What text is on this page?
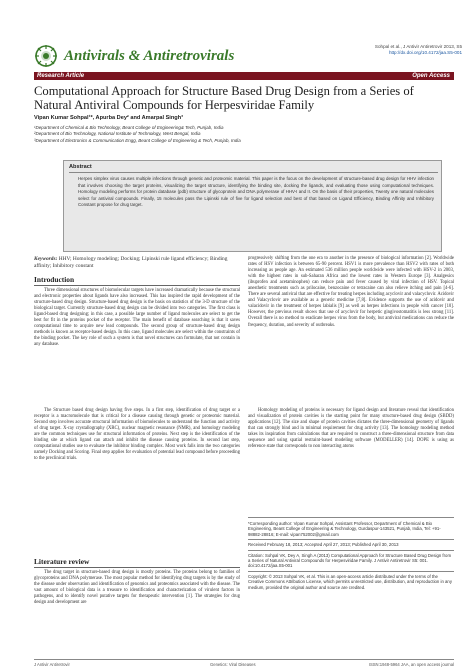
Antivirals & Antiretrovirals
Sohpal et al., J Antivir Antiretrovir 2013, S5
http://dx.doi.org/10.4172/jaa.S5-001
Research Article	Open Access
Computational Approach for Structure Based Drug Design from a Series of Natural Antiviral Compounds for Herpesviridae Family
Vipan Kumar Sohpal¹*, Apurba Dey² and Amarpal Singh³
¹Department of Chemical & Bio Technology, Beant College of Engineering& Tech, Punjab, India
²Department of Bio Technology, National Institute of Technology, West Bengal, India
³Department of Electronics & Communication Engg, Beant College of Engineering & Tech, Punjab, India
Abstract
Herpes simplex virus causes multiple infections through genetic and proteomic material. This paper is the focus on the development of structure-based drug design for HHV infection that involves choosing the target proteins, visualizing the target structure, identifying the binding site, docking the ligands, and evaluating those using computational techniques. Homology modeling performs for protein database (pdb) structure of glycoprotein and DNA polymerase of HHV-I and II. On the basis of their properties, Twenty one natural molecules select for antiviral compounds. Finally, 15 molecules pass the Lipinski rule of five for ligand selection and best of that based on Ligand Efficiency, Binding Affinity and Inhibitory Constant propose for drug target.
Keywords: HHV; Homology modeling; Docking; Lipinski rule ligand efficiency; Binding affinity; Inhibitory constant
Introduction
Three dimensional structures of biomolecular targets have increased dramatically because the structural and electronic properties about ligands have also increased. This has inspired the rapid development of the structure-based drug design. Structure-based drug design is the basis on statistics of the 3-D structure of the biological target. Currently structure-based drug design can be divided into two categories. The first class is ligand-based drug designing; in this case, a possible large number of ligand molecules are select to get the best for fit in the proteins pocket of the receptor. The main benefit of database searching is that it saves computational time to acquire new lead compounds. The second group of structure-based drug design methods is known as receptor-based design. In this case, ligand molecules are select within the constraints of the binding pocket. The key role of such a system is that novel structures can formulate, that not contain in any database.
The Structure based drug design having five steps. In a first step, identification of drug target or a receptor is a macromolecule that is critical for a disease causing through genetic or proteomic material. Second step involves accurate structural information of biomolecules to understand the function and activity of drug target. X-ray crystallography (XRC), nuclear magnetic resonance (NMR), and homology modeling are the common techniques use for structural information of proteins. Next step is the identification of the binding site at which ligand can attach and inhibit the disease causing proteins. In second last step, computational studies use to evaluate the inhibitor binding complex. Most work falls into the two categories namely Docking and Scoring. Final step applies for evaluation of potential lead compound before proceeding to the preclinical trials.
Literature review
The drug target in structure-based drug design is mostly proteins. The proteins belong to families of glycoproteins and DNA polymerase. The most popular method for identifying drug targets is by the study of the disease under observation and identification of genomics and proteomics associated with the disease. The vast amount of biological data is a treasure to identification and characterization of virulent factors in pathogens, and to identify novel putative targets for therapeutic intervention [1]. The strategies for drug design and development are
progressively shifting from the one era to another in the presence of biological information [2]. Worldwide rates of HSV infection is between 65-90 percent. HSV1 is more prevalence than HSV2 with rates of both increasing as people age. An estimated 536 million people worldwide were infected with HSV-2 in 2003, with the highest rates in sub-Saharan Africa and the lowest rates in Western Europe [3]. Analgesics (ibuprofen and acetaminophen) can reduce pain and fever caused by viral infection of HSV. Topical anesthetic treatments such as prilocaine, benzocaine or tetracaine can also relieve itching and pain [4-6]. There are several antiviral that are effective for treating herpes including acyclovir and valacyclovir. Acidovir and Valacyclovir are available as a generic medicine [7,8]. Evidence supports the use of acidovir and valacidovir in the treatment of herpes labialis [9] as well as herpes infections in people with cancer [10]. However, the previous result shows that use of acyclovir for herpetic gingivostomatitis is less strong [11]. Overall there is no method to eradicate herpes virus from the body, but antiviral medications can reduce the frequency, duration, and severity of outbreaks.
Homology modeling of proteins is necessary for ligand design and literature reveal that identification and visualization of protein cavities is the starting point for many structure-based drug design (SBDD) applications [12]. The size and shape of protein cavities dictates the three-dimensional geometry of ligands that can strongly bind and in minimal requirement for drug activity [13]. The homology modeling method takes its inspiration from calculations that are required to construct a three-dimensional structure from data sequence and using spatial restraint-based modeling software (MODELLER) [14]. DOPE is using as reference state that corresponds to non interacting atoms
*Corresponding author: Vipan Kumar Sohpal, Assistant Professor, Department of Chemical & Bio Engineering, Beant College of Engineering & Technology, Gurdaspur-143521, Punjab, India, Tel: +91-98882-28816; E-mail: vipan752002@gmail.com
Received February 18, 2013; Accepted April 27, 2013; Published April 30, 2013
Citation: Sohpal VK, Dey A, Singh A (2013) Computational Approach for Structure Based Drug Design from a Series of Natural Antiviral Compounds for Herpesviridae Family. J Antivir Antiretrovir S5: 001. doi:10.4172/jaa.S5-001
Copyright: © 2013 Sohpal VK, et al. This is an open-access article distributed under the terms of the Creative Commons Attribution License, which permits unrestricted use, distribution, and reproduction in any medium, provided the original author and source are credited.
J Antivir Antiretrovir	Genetics: Viral Diseases	ISSN:1948-5964 JAA, an open access journal
